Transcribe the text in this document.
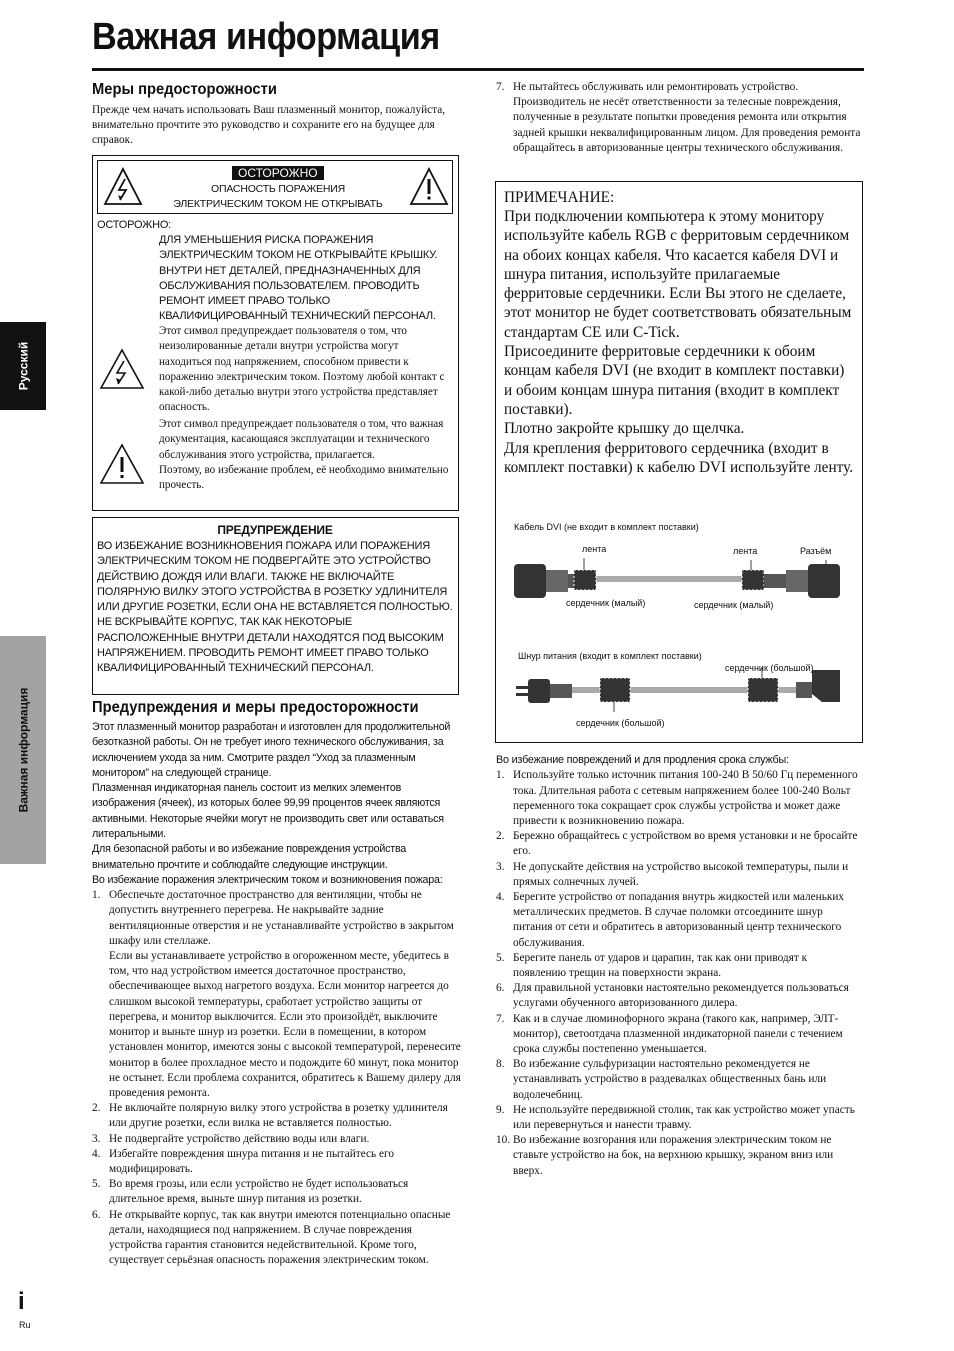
Важная информация
Русский
Важная информация
Меры предосторожности

Прежде чем начать использовать Ваш плазменный монитор, пожалуйста, внимательно прочтите это руководство и сохраните его на будущее для справок.

ОСТОРОЖНО
ОПАСНОСТЬ ПОРАЖЕНИЯ
ЭЛЕКТРИЧЕСКИМ ТОКОМ НЕ ОТКРЫВАТЬ
ОСТОРОЖНО:
ДЛЯ УМЕНЬШЕНИЯ РИСКА ПОРАЖЕНИЯ ЭЛЕКТРИЧЕСКИМ ТОКОМ НЕ ОТКРЫВАЙТЕ КРЫШКУ. ВНУТРИ НЕТ ДЕТАЛЕЙ, ПРЕДНАЗНАЧЕННЫХ ДЛЯ ОБСЛУЖИВАНИЯ ПОЛЬЗОВАТЕЛЕМ. ПРОВОДИТЬ РЕМОНТ ИМЕЕТ ПРАВО ТОЛЬКО КВАЛИФИЦИРОВАННЫЙ ТЕХНИЧЕСКИЙ ПЕРСОНАЛ.
Этот символ предупреждает пользователя о том, что неизолированные детали внутри устройства могут находиться под напряжением, способном привести к поражению электрическим током. Поэтому любой контакт с какой-либо деталью внутри этого устройства представляет опасность.
Этот символ предупреждает пользователя о том, что важная документация, касающаяся эксплуатации и технического обслуживания этого устройства, прилагается.
Поэтому, во избежание проблем, её необходимо внимательно прочесть.
ПРЕДУПРЕЖДЕНИЕ
ВО ИЗБЕЖАНИЕ ВОЗНИКНОВЕНИЯ ПОЖАРА ИЛИ ПОРАЖЕНИЯ ЭЛЕКТРИЧЕСКИМ ТОКОМ НЕ ПОДВЕРГАЙТЕ ЭТО УСТРОЙСТВО ДЕЙСТВИЮ ДОЖДЯ ИЛИ ВЛАГИ. ТАКЖЕ НЕ ВКЛЮЧАЙТЕ ПОЛЯРНУЮ ВИЛКУ ЭТОГО УСТРОЙСТВА В РОЗЕТКУ УДЛИНИТЕЛЯ ИЛИ ДРУГИЕ РОЗЕТКИ, ЕСЛИ ОНА НЕ ВСТАВЛЯЕТСЯ ПОЛНОСТЬЮ. НЕ ВСКРЫВАЙТЕ КОРПУС, ТАК КАК НЕКОТОРЫЕ РАСПОЛОЖЕННЫЕ ВНУТРИ ДЕТАЛИ НАХОДЯТСЯ ПОД ВЫСОКИМ НАПРЯЖЕНИЕМ. ПРОВОДИТЬ РЕМОНТ ИМЕЕТ ПРАВО ТОЛЬКО КВАЛИФИЦИРОВАННЫЙ ТЕХНИЧЕСКИЙ ПЕРСОНАЛ.
Предупреждения и меры предосторожности

Этот плазменный монитор разработан и изготовлен для продолжительной безотказной работы. Он не требует иного технического обслуживания, за исключением ухода за ним. Смотрите раздел “Уход за плазменным монитором” на следующей странице.
Плазменная индикаторная панель состоит из мелких элементов изображения (ячеек), из которых более 99,99 процентов ячеек являются активными. Некоторые ячейки могут не производить свет или оставаться литеральными.
Для безопасной работы и во избежание повреждения устройства внимательно прочтите и соблюдайте следующие инструкции.
Во избежание поражения электрическим током и возникновения пожара:

1. Обеспечьте достаточное пространство для вентиляции, чтобы не допустить внутреннего перегрева. Не накрывайте задние вентиляционные отверстия и не устанавливайте устройство в закрытом шкафу или стеллаже.
Если вы устанавливаете устройство в огороженном месте, убедитесь в том, что над устройством имеется достаточное пространство, обеспечивающее выход нагретого воздуха. Если монитор нагреется до слишком высокой температуры, сработает устройство защиты от перегрева, и монитор выключится. Если это произойдёт, выключите монитор и выньте шнур из розетки. Если в помещении, в котором установлен монитор, имеются зоны с высокой температурой, перенесите монитор в более прохладное место и подождите 60 минут, пока монитор не остынет. Если проблема сохранится, обратитесь к Вашему дилеру для проведения ремонта.
2. Не включайте полярную вилку этого устройства в розетку удлинителя или другие розетки, если вилка не вставляется полностью.
3. Не подвергайте устройство действию воды или влаги.
4. Избегайте повреждения шнура питания и не пытайтесь его модифицировать.
5. Во время грозы, или если устройство не будет использоваться длительное время, выньте шнур питания из розетки.
6. Не открывайте корпус, так как внутри имеются потенциально опасные детали, находящиеся под напряжением. В случае повреждения устройства гарантия становится недействительной. Кроме того, существует серьёзная опасность поражения электрическим током.
i
Ru
7. Не пытайтесь обслуживать или ремонтировать устройство. Производитель не несёт ответственности за телесные повреждения, полученные в результате попытки проведения ремонта или открытия задней крышки неквалифицированным лицом. Для проведения ремонта обращайтесь в авторизованные центры технического обслуживания.
ПРИМЕЧАНИЕ:
При подключении компьютера к этому монитору используйте кабель RGB с ферритовым сердечником на обоих концах кабеля. Что касается кабеля DVI и шнура питания, используйте прилагаемые ферритовые сердечники. Если Вы этого не сделаете, этот монитор не будет соответствовать обязательным стандартам CE или C-Tick.
Присоедините ферритовые сердечники к обоим концам кабеля DVI (не входит в комплект поставки) и обоим концам шнура питания (входит в комплект поставки).
Плотно закройте крышку до щелчка.
Для крепления ферритового сердечника (входит в комплект поставки) к кабелю DVI используйте ленту.
Кабель DVI (не входит в комплект поставки)
лента	лента	Разъём
сердечник (малый)	сердечник (малый)
Шнур питания (входит в комплект поставки)
сердечник (большой)
сердечник (большой)

Во избежание повреждений и для продления срока службы:

1. Используйте только источник питания 100-240 В 50/60 Гц переменного тока. Длительная работа с сетевым напряжением более 100-240 Вольт переменного тока сокращает срок службы устройства и может даже привести к возникновению пожара.
2. Бережно обращайтесь с устройством во время установки и не бросайте его.
3. Не допускайте действия на устройство высокой температуры, пыли и прямых солнечных лучей.
4. Берегите устройство от попадания внутрь жидкостей или маленьких металлических предметов. В случае поломки отсоедините шнур питания от сети и обратитесь в авторизованный центр технического обслуживания.
5. Берегите панель от ударов и царапин, так как они приводят к появлению трещин на поверхности экрана.
6. Для правильной установки настоятельно рекомендуется пользоваться услугами обученного авторизованного дилера.
7. Как и в случае люминофорного экрана (такого как, например, ЭЛТ-монитор), светоотдача плазменной индикаторной панели с течением срока службы постепенно уменьшается.
8. Во избежание сульфуризации настоятельно рекомендуется не устанавливать устройство в раздевалках общественных бань или водолечебниц.
9. Не используйте передвижной столик, так как устройство может упасть или перевернуться и нанести травму.
10. Во избежание возгорания или поражения электрическим током не ставьте устройство на бок, на верхнюю крышку, экраном вниз или вверх.
